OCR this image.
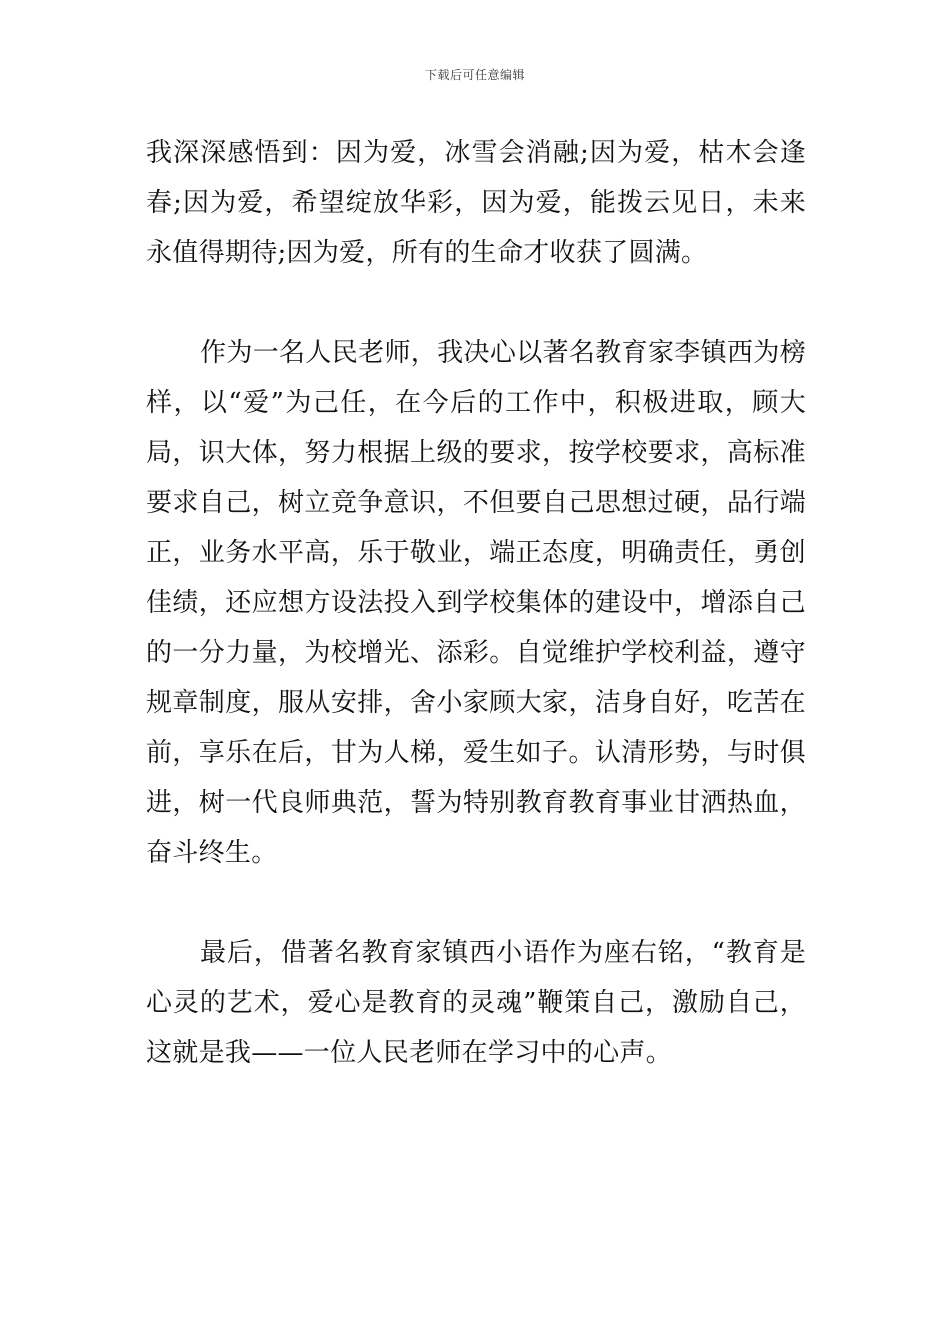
下载后可任意编辑

我深深感悟到：因为爱，冰雪会消融;因为爱，枯木会逢春;因为爱，希望绽放华彩，因为爱，能拨云见日，未来永值得期待;因为爱，所有的生命才收获了圆满。

作为一名人民老师，我决心以著名教育家李镇西为榜样，以“爱”为己任，在今后的工作中，积极进取，顾大局，识大体，努力根据上级的要求，按学校要求，高标准要求自己，树立竞争意识，不但要自己思想过硬，品行端正，业务水平高，乐于敬业，端正态度，明确责任，勇创佳绩，还应想方设法投入到学校集体的建设中，增添自己的一分力量，为校增光、添彩。自觉维护学校利益，遵守规章制度，服从安排，舍小家顾大家，洁身自好，吃苦在前，享乐在后，甘为人梯，爱生如子。认清形势，与时俱进，树一代良师典范，誓为特别教育教育事业甘洒热血，奋斗终生。

最后，借著名教育家镇西小语作为座右铭，“教育是心灵的艺术，爱心是教育的灵魂”鞭策自己，激励自己，这就是我——一位人民老师在学习中的心声。
